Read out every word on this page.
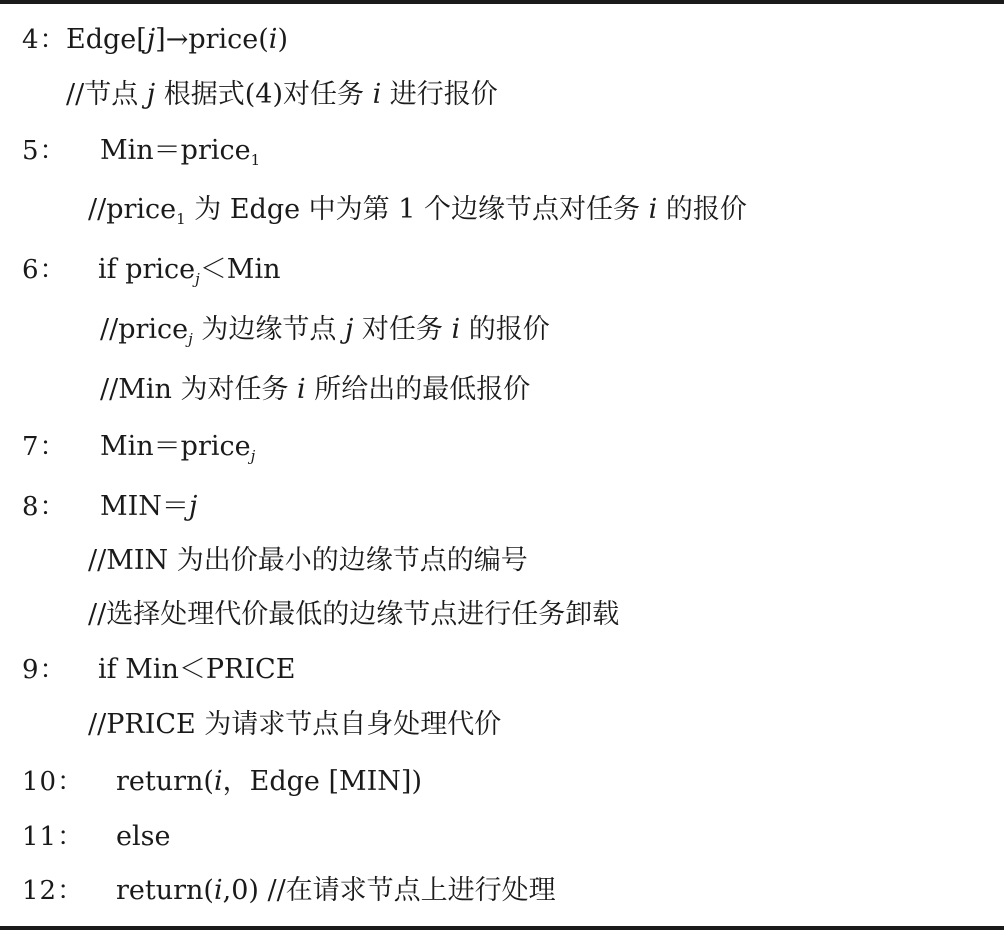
4： Edge[j]→price(i)
//节点 j 根据式(4)对任务 i 进行报价
5： Min＝price$_1$
//price$_1$ 为 Edge 中为第 1 个边缘节点对任务 i 的报价
6： if price$_j$＜Min
//price$_j$ 为边缘节点 j 对任务 i 的报价
//Min 为对任务 i 所给出的最低报价
7： Min＝price$_j$
8： MIN＝j
//MIN 为出价最小的边缘节点的编号
//选择处理代价最低的边缘节点进行任务卸载
9： if Min＜PRICE
//PRICE 为请求节点自身处理代价
10： return(i，Edge [MIN])
11： else
12： return(i,0) //在请求节点上进行处理
